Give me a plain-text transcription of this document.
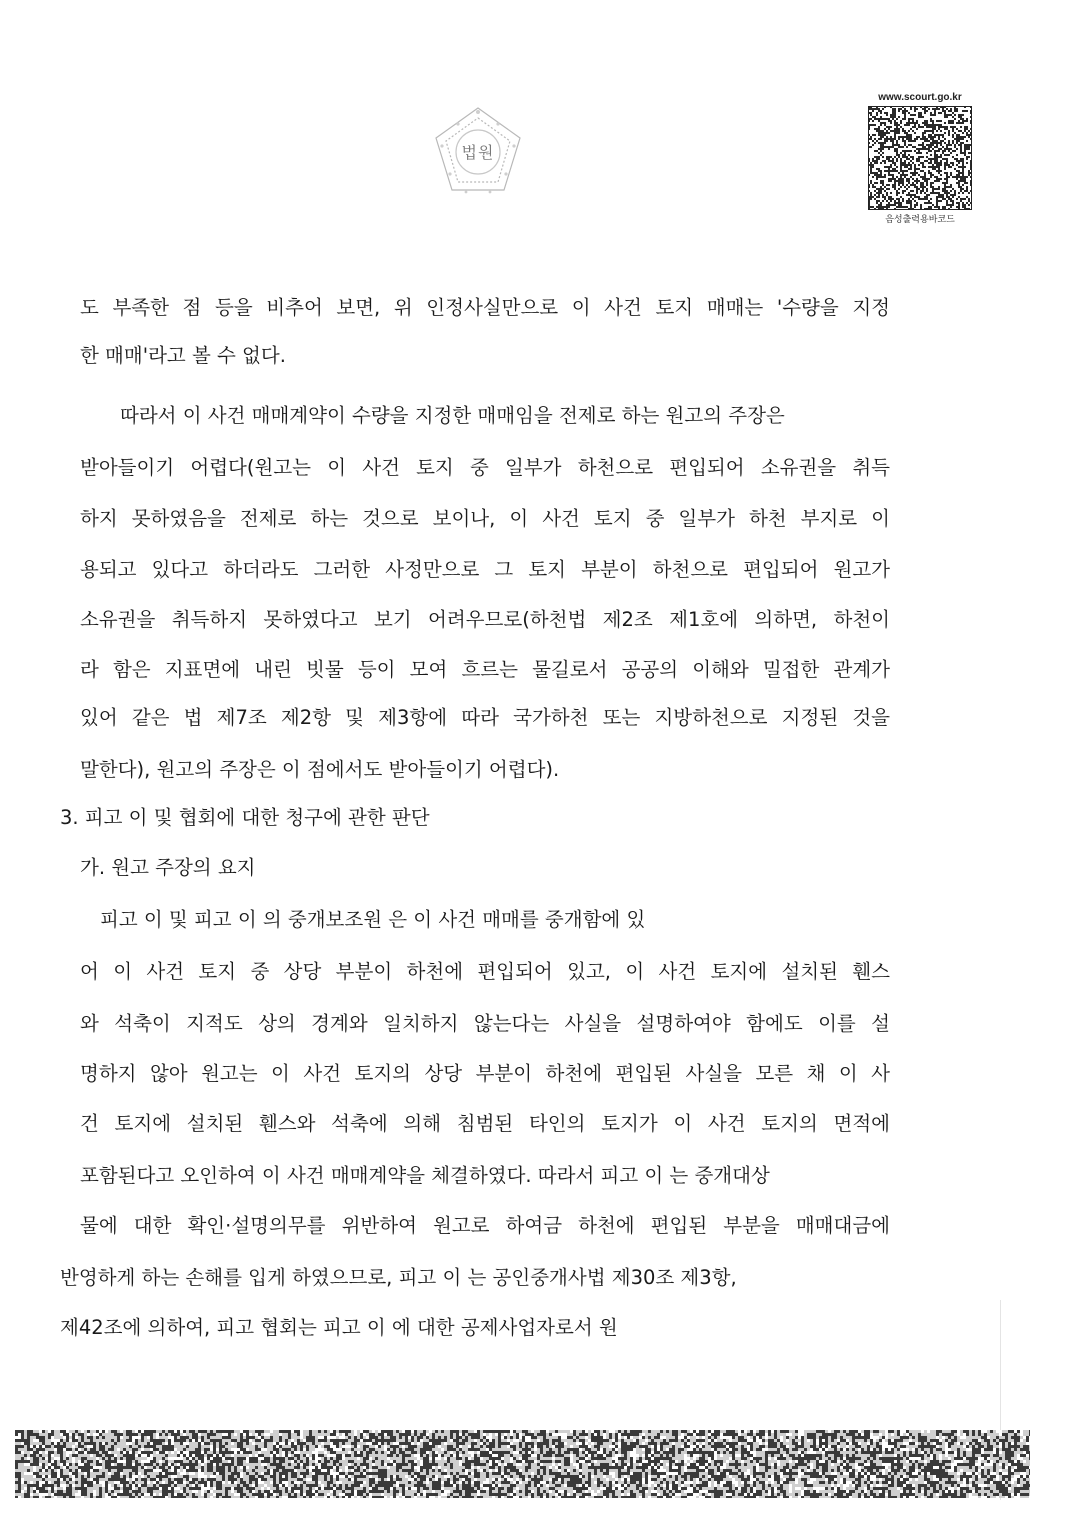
법원
www.scourt.go.kr
음성출력용바코드
도 부족한 점 등을 비추어 보면, 위 인정사실만으로 이 사건 토지 매매는 '수량을 지정
한 매매'라고 볼 수 없다.
따라서 이 사건 매매계약이 수량을 지정한 매매임을 전제로 하는 원고의 주장은
받아들이기 어렵다(원고는 이 사건 토지 중 일부가 하천으로 편입되어 소유권을 취득
하지 못하였음을 전제로 하는 것으로 보이나, 이 사건 토지 중 일부가 하천 부지로 이
용되고 있다고 하더라도 그러한 사정만으로 그 토지 부분이 하천으로 편입되어 원고가
소유권을 취득하지 못하였다고 보기 어려우므로(하천법 제2조 제1호에 의하면, 하천이
라 함은 지표면에 내린 빗물 등이 모여 흐르는 물길로서 공공의 이해와 밀접한 관계가
있어 같은 법 제7조 제2항 및 제3항에 따라 국가하천 또는 지방하천으로 지정된 것을
말한다), 원고의 주장은 이 점에서도 받아들이기 어렵다).
3. 피고 이 및 협회에 대한 청구에 관한 판단
가. 원고 주장의 요지
피고 이 및 피고 이 의 중개보조원 은 이 사건 매매를 중개함에 있
어 이 사건 토지 중 상당 부분이 하천에 편입되어 있고, 이 사건 토지에 설치된 휀스
와 석축이 지적도 상의 경계와 일치하지 않는다는 사실을 설명하여야 함에도 이를 설
명하지 않아 원고는 이 사건 토지의 상당 부분이 하천에 편입된 사실을 모른 채 이 사
건 토지에 설치된 휀스와 석축에 의해 침범된 타인의 토지가 이 사건 토지의 면적에
포함된다고 오인하여 이 사건 매매계약을 체결하였다. 따라서 피고 이 는 중개대상
물에 대한 확인·설명의무를 위반하여 원고로 하여금 하천에 편입된 부분을 매매대금에
반영하게 하는 손해를 입게 하였으므로, 피고 이 는 공인중개사법 제30조 제3항,
제42조에 의하여, 피고 협회는 피고 이 에 대한 공제사업자로서 원
